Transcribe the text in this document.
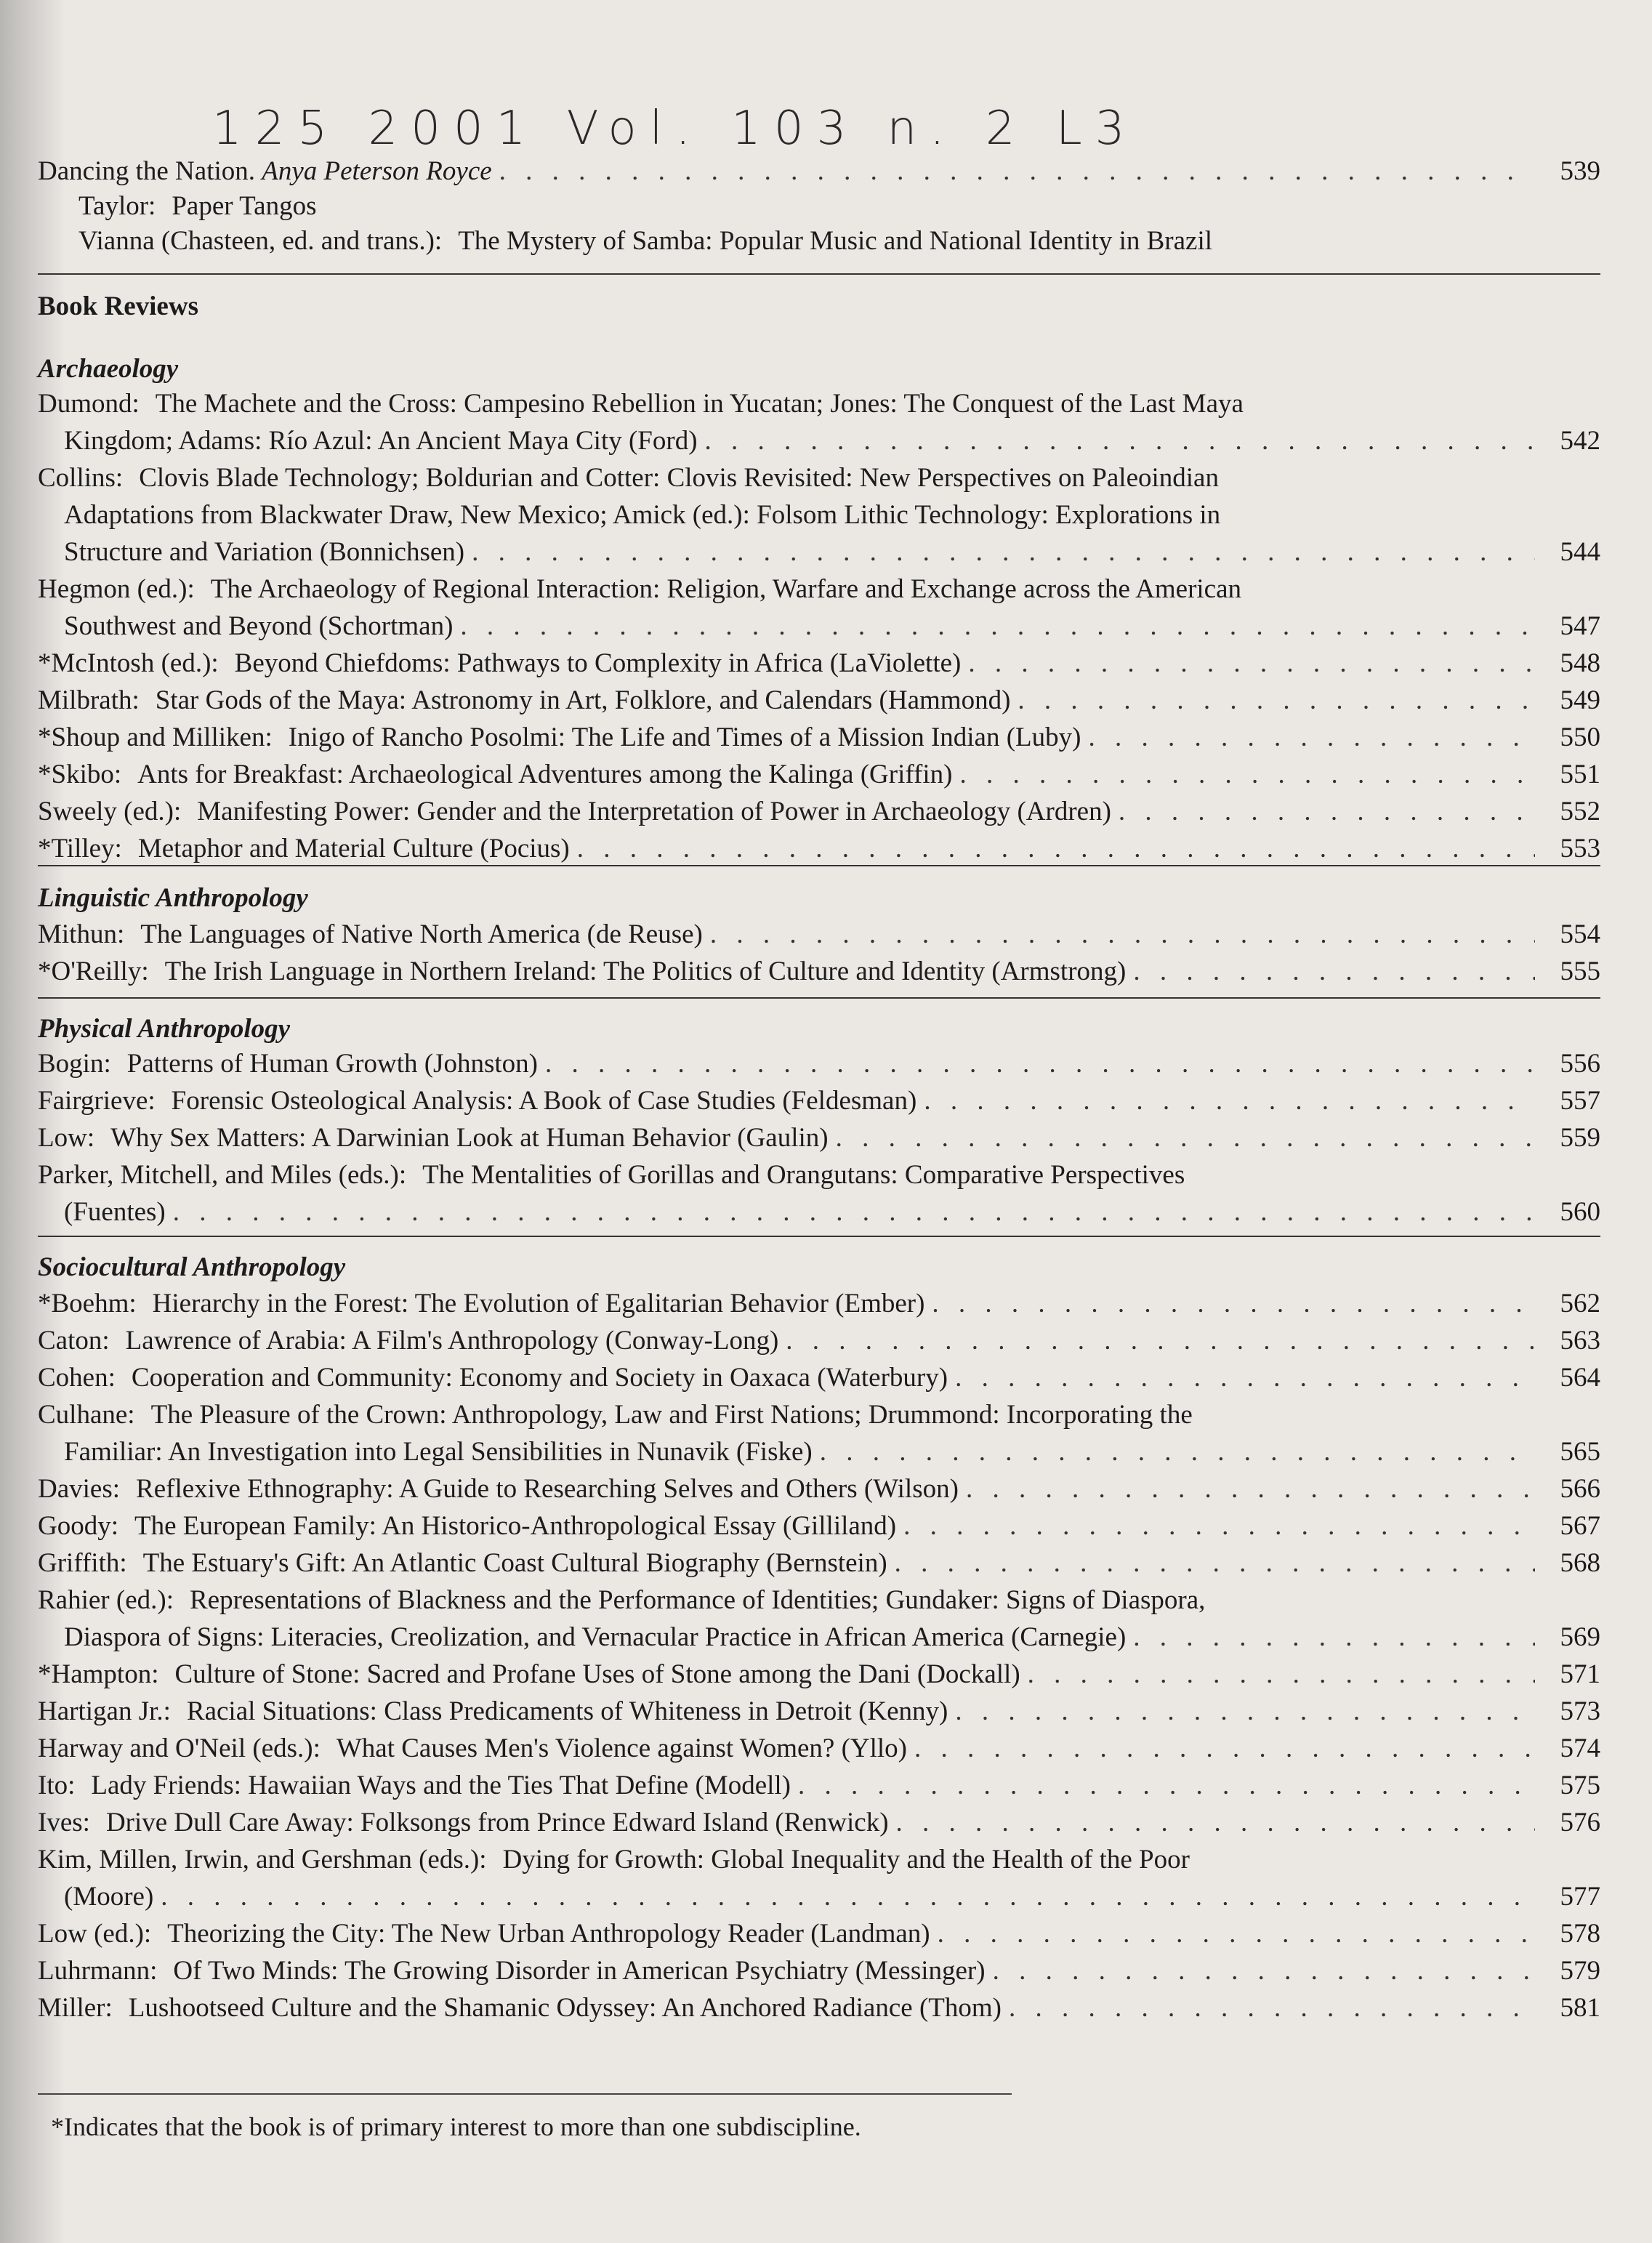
125 2001 Vol. 103 n. 2 L3
Dancing the Nation. Anya Peterson Royce . . .	539
Taylor: Paper Tangos
Vianna (Chasteen, ed. and trans.): The Mystery of Samba: Popular Music and National Identity in Brazil
Book Reviews
Archaeology
Linguistic Anthropology
Physical Anthropology
Sociocultural Anthropology
*Indicates that the book is of primary interest to more than one subdiscipline.
Dumond: The Machete and the Cross: Campesino Rebellion in Yucatan; Jones: The Conquest of the Last Maya
Kingdom; Adams: Río Azul: An Ancient Maya City (Ford) . . .	542
Collins: Clovis Blade Technology; Boldurian and Cotter: Clovis Revisited: New Perspectives on Paleoindian
Adaptations from Blackwater Draw, New Mexico; Amick (ed.): Folsom Lithic Technology: Explorations in
Structure and Variation (Bonnichsen) . . .	544
Hegmon (ed.): The Archaeology of Regional Interaction: Religion, Warfare and Exchange across the American
Southwest and Beyond (Schortman) . . .	547
*McIntosh (ed.): Beyond Chiefdoms: Pathways to Complexity in Africa (LaViolette) . . .	548
Milbrath: Star Gods of the Maya: Astronomy in Art, Folklore, and Calendars (Hammond) . . .	549
*Shoup and Milliken: Inigo of Rancho Posolmi: The Life and Times of a Mission Indian (Luby) . . .	550
*Skibo: Ants for Breakfast: Archaeological Adventures among the Kalinga (Griffin) . . .	551
Sweely (ed.): Manifesting Power: Gender and the Interpretation of Power in Archaeology (Ardren) . . .	552
*Tilley: Metaphor and Material Culture (Pocius) . . .	553
Mithun: The Languages of Native North America (de Reuse) . . .	554
*O'Reilly: The Irish Language in Northern Ireland: The Politics of Culture and Identity (Armstrong) . . .	555
Bogin: Patterns of Human Growth (Johnston) . . .	556
Fairgrieve: Forensic Osteological Analysis: A Book of Case Studies (Feldesman) . . .	557
Low: Why Sex Matters: A Darwinian Look at Human Behavior (Gaulin) . . .	559
Parker, Mitchell, and Miles (eds.): The Mentalities of Gorillas and Orangutans: Comparative Perspectives
(Fuentes) . . .	560
*Boehm: Hierarchy in the Forest: The Evolution of Egalitarian Behavior (Ember) . . .	562
Caton: Lawrence of Arabia: A Film's Anthropology (Conway-Long) . . .	563
Cohen: Cooperation and Community: Economy and Society in Oaxaca (Waterbury) . . .	564
Culhane: The Pleasure of the Crown: Anthropology, Law and First Nations; Drummond: Incorporating the
Familiar: An Investigation into Legal Sensibilities in Nunavik (Fiske) . . .	565
Davies: Reflexive Ethnography: A Guide to Researching Selves and Others (Wilson) . . .	566
Goody: The European Family: An Historico-Anthropological Essay (Gilliland) . . .	567
Griffith: The Estuary's Gift: An Atlantic Coast Cultural Biography (Bernstein) . . .	568
Rahier (ed.): Representations of Blackness and the Performance of Identities; Gundaker: Signs of Diaspora,
Diaspora of Signs: Literacies, Creolization, and Vernacular Practice in African America (Carnegie) . . .	569
*Hampton: Culture of Stone: Sacred and Profane Uses of Stone among the Dani (Dockall) . . .	571
Hartigan Jr.: Racial Situations: Class Predicaments of Whiteness in Detroit (Kenny) . . .	573
Harway and O'Neil (eds.): What Causes Men's Violence against Women? (Yllo) . . .	574
Ito: Lady Friends: Hawaiian Ways and the Ties That Define (Modell) . . .	575
Ives: Drive Dull Care Away: Folksongs from Prince Edward Island (Renwick) . . .	576
Kim, Millen, Irwin, and Gershman (eds.): Dying for Growth: Global Inequality and the Health of the Poor
(Moore) . . .	577
Low (ed.): Theorizing the City: The New Urban Anthropology Reader (Landman) . . .	578
Luhrmann: Of Two Minds: The Growing Disorder in American Psychiatry (Messinger) . . .	579
Miller: Lushootseed Culture and the Shamanic Odyssey: An Anchored Radiance (Thom) . . .	581
